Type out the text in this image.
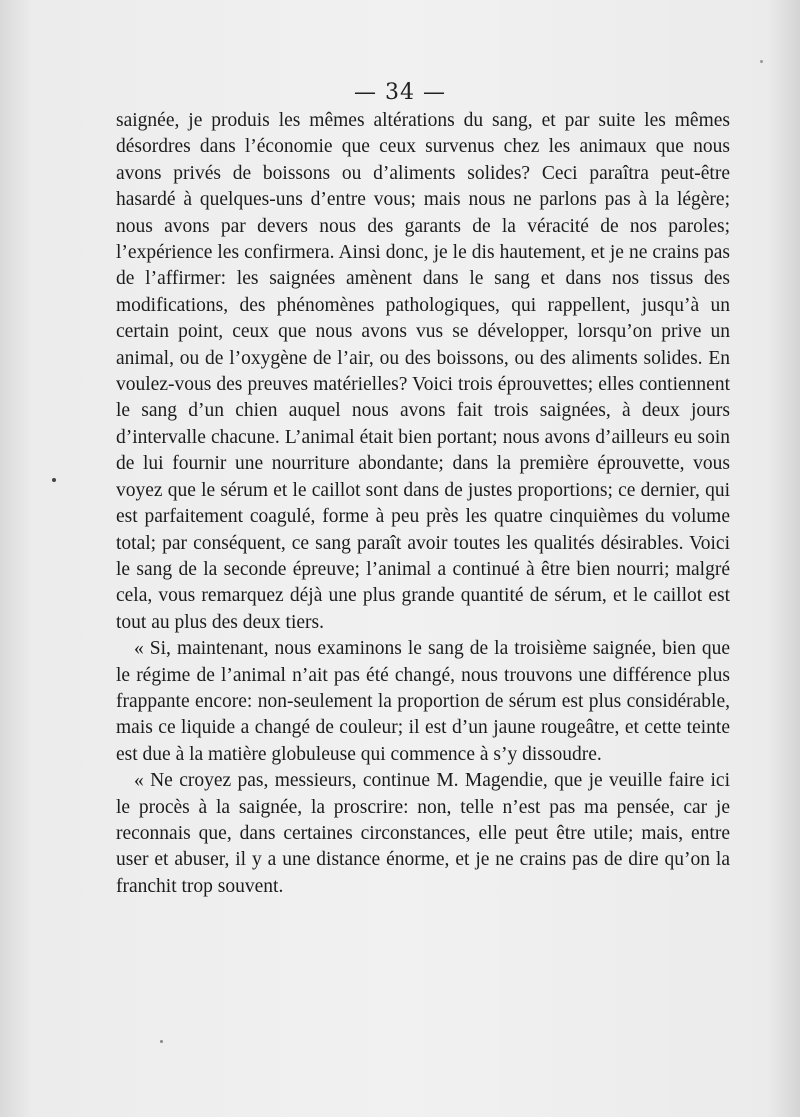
— 34 —

saignée, je produis les mêmes altérations du sang, et par suite les mêmes désordres dans l’économie que ceux survenus chez les animaux que nous avons privés de boissons ou d’aliments solides? Ceci paraîtra peut-être hasardé à quelques-uns d’entre vous; mais nous ne parlons pas à la légère; nous avons par devers nous des garants de la véracité de nos paroles; l’expérience les confirmera. Ainsi donc, je le dis hautement, et je ne crains pas de l’affirmer: les saignées amènent dans le sang et dans nos tissus des modifications, des phénomènes pathologiques, qui rappellent, jusqu’à un certain point, ceux que nous avons vus se développer, lorsqu’on prive un animal, ou de l’oxygène de l’air, ou des boissons, ou des aliments solides. En voulez-vous des preuves matérielles? Voici trois éprouvettes; elles contiennent le sang d’un chien auquel nous avons fait trois saignées, à deux jours d’intervalle chacune. L’animal était bien portant; nous avons d’ailleurs eu soin de lui fournir une nourriture abondante; dans la première éprouvette, vous voyez que le sérum et le caillot sont dans de justes proportions; ce dernier, qui est parfaitement coagulé, forme à peu près les quatre cinquièmes du volume total; par conséquent, ce sang paraît avoir toutes les qualités désirables. Voici le sang de la seconde épreuve; l’animal a continué à être bien nourri; malgré cela, vous remarquez déjà une plus grande quantité de sérum, et le caillot est tout au plus des deux tiers.

« Si, maintenant, nous examinons le sang de la troisième saignée, bien que le régime de l’animal n’ait pas été changé, nous trouvons une différence plus frappante encore: non-seulement la proportion de sérum est plus considérable, mais ce liquide a changé de couleur; il est d’un jaune rougeâtre, et cette teinte est due à la matière globuleuse qui commence à s’y dissoudre.

« Ne croyez pas, messieurs, continue M. Magendie, que je veuille faire ici le procès à la saignée, la proscrire: non, telle n’est pas ma pensée, car je reconnais que, dans certaines circonstances, elle peut être utile; mais, entre user et abuser, il y a une distance énorme, et je ne crains pas de dire qu’on la franchit trop souvent.
